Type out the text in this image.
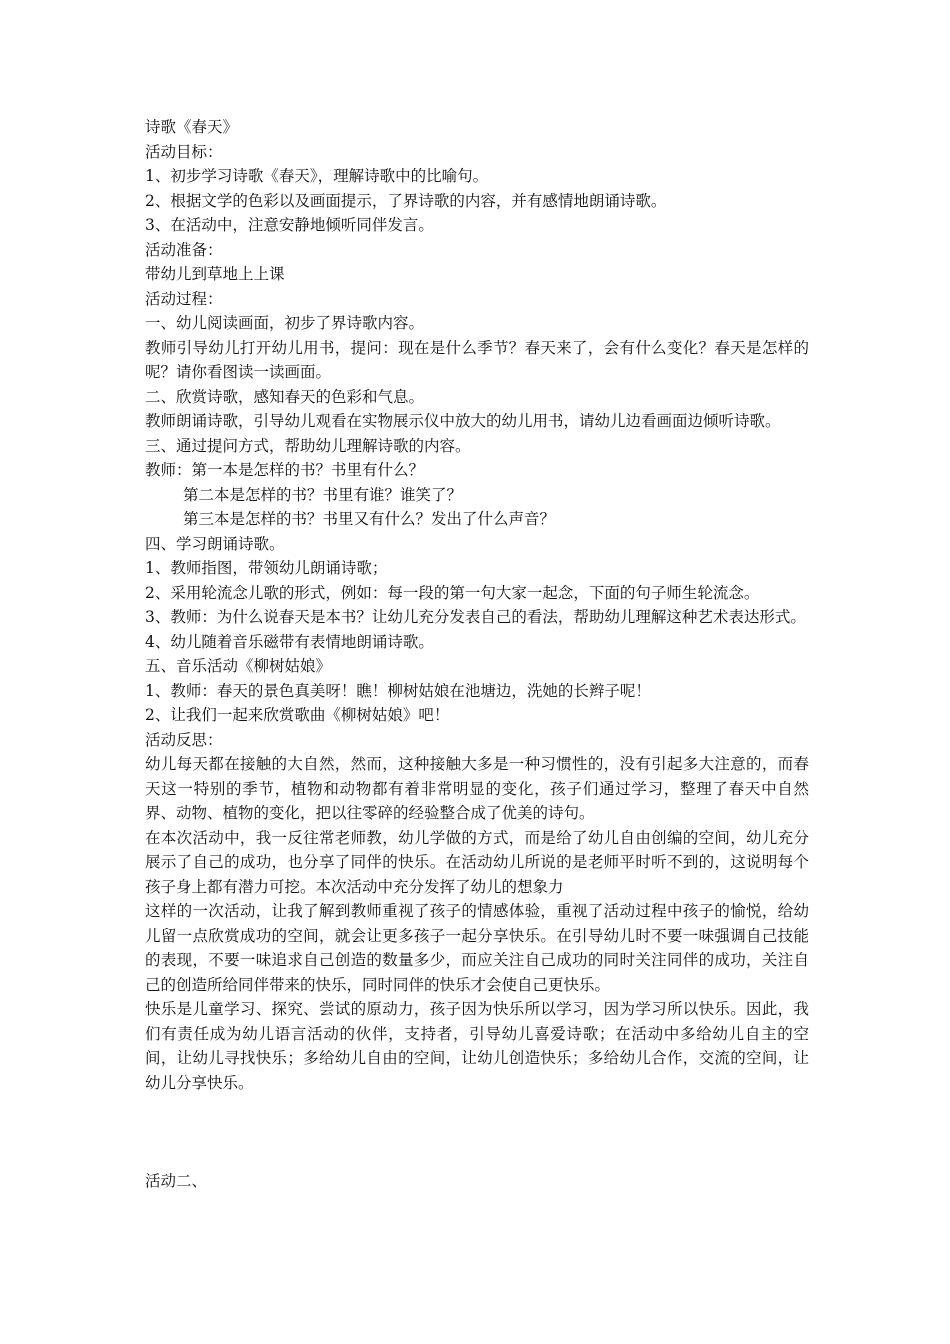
诗歌《春天》

活动目标：

1、初步学习诗歌《春天》，理解诗歌中的比喻句。

2、根据文学的色彩以及画面提示，了界诗歌的内容，并有感情地朗诵诗歌。

3、在活动中，注意安静地倾听同伴发言。

活动准备：

带幼儿到草地上上课

活动过程：

一、幼儿阅读画面，初步了界诗歌内容。

教师引导幼儿打开幼儿用书，提问：现在是什么季节？春天来了，会有什么变化？春天是怎样的呢？请你看图读一读画面。

二、欣赏诗歌，感知春天的色彩和气息。

教师朗诵诗歌，引导幼儿观看在实物展示仪中放大的幼儿用书，请幼儿边看画面边倾听诗歌。

三、通过提问方式，帮助幼儿理解诗歌的内容。

教师：第一本是怎样的书？书里有什么？

第二本是怎样的书？书里有谁？谁笑了？

第三本是怎样的书？书里又有什么？发出了什么声音？

四、学习朗诵诗歌。

1、教师指图，带领幼儿朗诵诗歌；

2、采用轮流念儿歌的形式，例如：每一段的第一句大家一起念，下面的句子师生轮流念。

3、教师：为什么说春天是本书？让幼儿充分发表自己的看法，帮助幼儿理解这种艺术表达形式。

4、幼儿随着音乐磁带有表情地朗诵诗歌。

五、音乐活动《柳树姑娘》

1、教师：春天的景色真美呀！瞧！柳树姑娘在池塘边，洗她的长辫子呢！

2、让我们一起来欣赏歌曲《柳树姑娘》吧！

活动反思：

幼儿每天都在接触的大自然，然而，这种接触大多是一种习惯性的，没有引起多大注意的，而春天这一特别的季节，植物和动物都有着非常明显的变化，孩子们通过学习，整理了春天中自然界、动物、植物的变化，把以往零碎的经验整合成了优美的诗句。

在本次活动中，我一反往常老师教，幼儿学做的方式，而是给了幼儿自由创编的空间，幼儿充分展示了自己的成功，也分享了同伴的快乐。在活动幼儿所说的是老师平时听不到的，这说明每个孩子身上都有潜力可挖。本次活动中充分发挥了幼儿的想象力

这样的一次活动，让我了解到教师重视了孩子的情感体验，重视了活动过程中孩子的愉悦，给幼儿留一点欣赏成功的空间，就会让更多孩子一起分享快乐。在引导幼儿时不要一味强调自己技能的表现，不要一味追求自己创造的数量多少，而应关注自己成功的同时关注同伴的成功，关注自己的创造所给同伴带来的快乐，同时同伴的快乐才会使自己更快乐。

快乐是儿童学习、探究、尝试的原动力，孩子因为快乐所以学习，因为学习所以快乐。因此，我们有责任成为幼儿语言活动的伙伴，支持者，引导幼儿喜爱诗歌；在活动中多给幼儿自主的空间，让幼儿寻找快乐；多给幼儿自由的空间，让幼儿创造快乐；多给幼儿合作，交流的空间，让幼儿分享快乐。

活动二、
